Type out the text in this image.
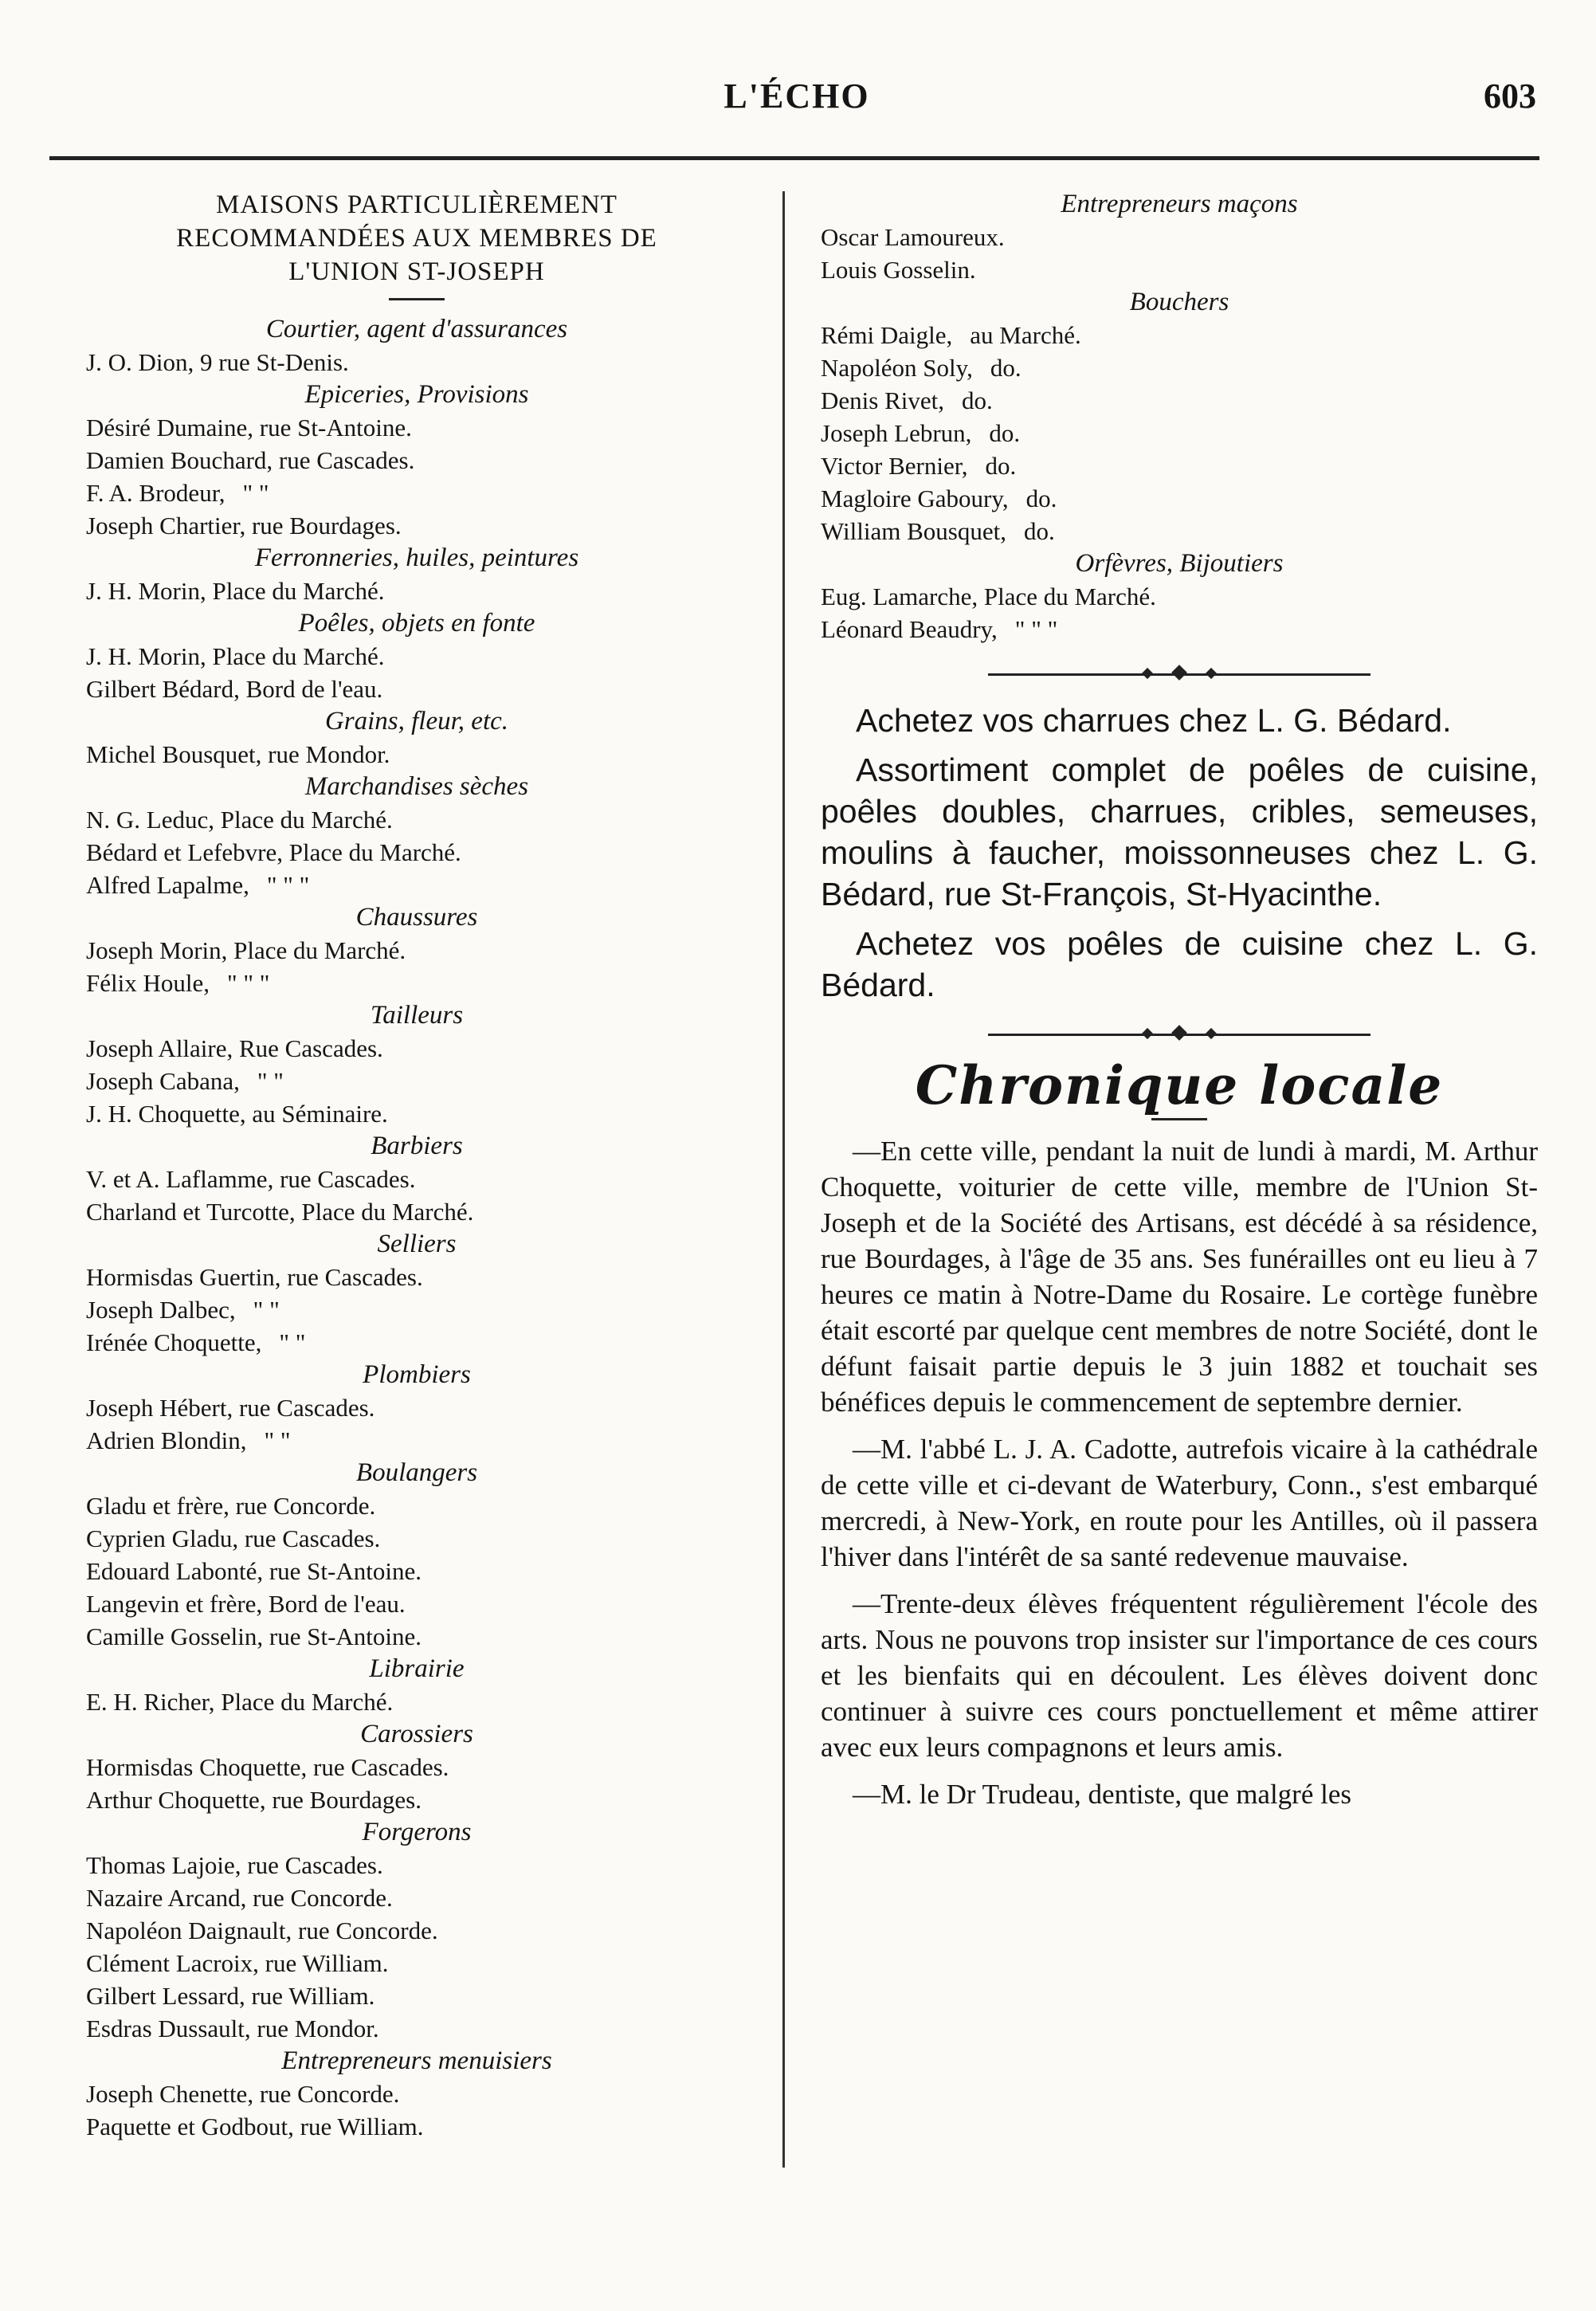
L'ÉCHO	603
MAISONS PARTICULIÈREMENT
RECOMMANDÉES AUX MEMBRES DE
L'UNION ST-JOSEPH
Courtier, agent d'assurances
J. O. Dion, 9 rue St-Denis.
Epiceries, Provisions
Désiré Dumaine, rue St-Antoine.
Damien Bouchard, rue Cascades.
F. A. Brodeur, " "
Joseph Chartier, rue Bourdages.
Ferronneries, huiles, peintures
J. H. Morin, Place du Marché.
Poêles, objets en fonte
J. H. Morin, Place du Marché.
Gilbert Bédard, Bord de l'eau.
Grains, fleur, etc.
Michel Bousquet, rue Mondor.
Marchandises sèches
N. G. Leduc, Place du Marché.
Bédard et Lefebvre, Place du Marché.
Alfred Lapalme, " " "
Chaussures
Joseph Morin, Place du Marché.
Félix Houle, " " "
Tailleurs
Joseph Allaire, Rue Cascades.
Joseph Cabana, " "
J. H. Choquette, au Séminaire.
Barbiers
V. et A. Laflamme, rue Cascades.
Charland et Turcotte, Place du Marché.
Selliers
Hormisdas Guertin, rue Cascades.
Joseph Dalbec, " "
Irénée Choquette, " "
Plombiers
Joseph Hébert, rue Cascades.
Adrien Blondin, " "
Boulangers
Gladu et frère, rue Concorde.
Cyprien Gladu, rue Cascades.
Edouard Labonté, rue St-Antoine.
Langevin et frère, Bord de l'eau.
Camille Gosselin, rue St-Antoine.
Librairie
E. H. Richer, Place du Marché.
Carossiers
Hormisdas Choquette, rue Cascades.
Arthur Choquette, rue Bourdages.
Forgerons
Thomas Lajoie, rue Cascades.
Nazaire Arcand, rue Concorde.
Napoléon Daignault, rue Concorde.
Clément Lacroix, rue William.
Gilbert Lessard, rue William.
Esdras Dussault, rue Mondor.
Entrepreneurs menuisiers
Joseph Chenette, rue Concorde.
Paquette et Godbout, rue William.
Entrepreneurs maçons
Oscar Lamoureux.
Louis Gosselin.
Bouchers
Rémi Daigle, au Marché.
Napoléon Soly, do.
Denis Rivet, do.
Joseph Lebrun, do.
Victor Bernier, do.
Magloire Gaboury, do.
William Bousquet, do.
Orfèvres, Bijoutiers
Eug. Lamarche, Place du Marché.
Léonard Beaudry, " " "

Achetez vos charrues chez L. G. Bédard.

Assortiment complet de poêles de cuisine, poêles doubles, charrues, cribles, semeuses, moulins à faucher, moissonneuses chez L. G. Bédard, rue St-François, St-Hyacinthe.

Achetez vos poêles de cuisine chez L. G. Bédard.

Chronique locale

—En cette ville, pendant la nuit de lundi à mardi, M. Arthur Choquette, voiturier de cette ville, membre de l'Union St-Joseph et de la Société des Artisans, est décédé à sa résidence, rue Bourdages, à l'âge de 35 ans. Ses funérailles ont eu lieu à 7 heures ce matin à Notre-Dame du Rosaire. Le cortège funèbre était escorté par quelque cent membres de notre Société, dont le défunt faisait partie depuis le 3 juin 1882 et touchait ses bénéfices depuis le commencement de septembre dernier.

—M. l'abbé L. J. A. Cadotte, autrefois vicaire à la cathédrale de cette ville et ci-devant de Waterbury, Conn., s'est embarqué mercredi, à New-York, en route pour les Antilles, où il passera l'hiver dans l'intérêt de sa santé redevenue mauvaise.

—Trente-deux élèves fréquentent régulièrement l'école des arts. Nous ne pouvons trop insister sur l'importance de ces cours et les bienfaits qui en découlent. Les élèves doivent donc continuer à suivre ces cours ponctuellement et même attirer avec eux leurs compagnons et leurs amis.

—M. le Dr Trudeau, dentiste, que malgré les
